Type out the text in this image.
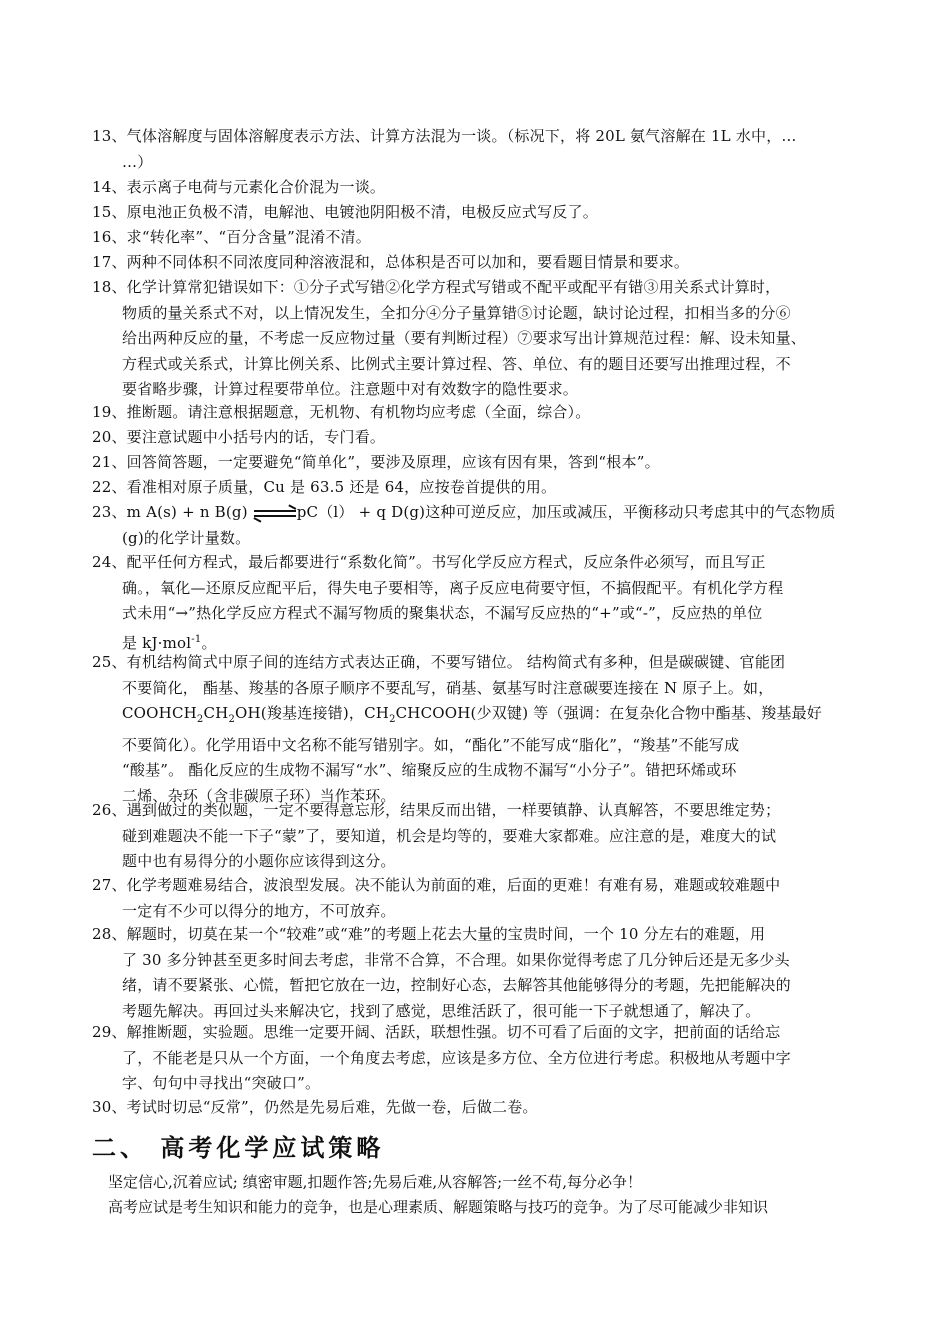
13、气体溶解度与固体溶解度表示方法、计算方法混为一谈。（标况下，将 20L 氨气溶解在 1L 水中，…
…）
14、表示离子电荷与元素化合价混为一谈。
15、原电池正负极不清，电解池、电镀池阴阳极不清，电极反应式写反了。
16、求“转化率”、“百分含量”混淆不清。
17、两种不同体积不同浓度同种溶液混和，总体积是否可以加和，要看题目情景和要求。
18、化学计算常犯错误如下：①分子式写错②化学方程式写错或不配平或配平有错③用关系式计算时，
物质的量关系式不对，以上情况发生，全扣分④分子量算错⑤讨论题，缺讨论过程，扣相当多的分⑥
给出两种反应的量，不考虑一反应物过量（要有判断过程）⑦要求写出计算规范过程：解、设未知量、
方程式或关系式，计算比例关系、比例式主要计算过程、答、单位、有的题目还要写出推理过程，不
要省略步骤，计算过程要带单位。注意题中对有效数字的隐性要求。
19、推断题。请注意根据题意，无机物、有机物均应考虑（全面，综合）。
20、要注意试题中小括号内的话，专门看。
21、回答简答题，一定要避免“简单化”，要涉及原理，应该有因有果，答到“根本”。
22、看准相对原子质量，Cu 是 63.5 还是 64，应按卷首提供的用。
23、m A(s) + n B(g)	pC（l） + q D(g)这种可逆反应，加压或减压，平衡移动只考虑其中的气态物质
(g)的化学计量数。
24、配平任何方程式，最后都要进行“系数化简”。书写化学反应方程式，反应条件必须写，而且写正
确。，氧化—还原反应配平后，得失电子要相等，离子反应电荷要守恒，不搞假配平。有机化学方程
式未用“→”热化学反应方程式不漏写物质的聚集状态，不漏写反应热的“+”或“-”，反应热的单位
是 kJ·mol$^{-1}$。
25、有机结构简式中原子间的连结方式表达正确，不要写错位。 结构简式有多种，但是碳碳键、官能团
不要简化， 酯基、羧基的各原子顺序不要乱写，硝基、氨基写时注意碳要连接在 N 原子上。如，
$COOHCH_2CH_2OH$(羧基连接错)，$CH_2CHCOOH$(少双键) 等（强调：在复杂化合物中酯基、羧基最好
不要简化）。化学用语中文名称不能写错别字。如，“酯化”不能写成“脂化”，“羧基”不能写成
“酸基”。 酯化反应的生成物不漏写“水”、缩聚反应的生成物不漏写“小分子”。错把环烯或环
二烯、杂环（含非碳原子环）当作苯环。
26、遇到做过的类似题，一定不要得意忘形，结果反而出错，一样要镇静、认真解答，不要思维定势；
碰到难题决不能一下子“蒙”了，要知道，机会是均等的，要难大家都难。应注意的是，难度大的试
题中也有易得分的小题你应该得到这分。
27、化学考题难易结合，波浪型发展。决不能认为前面的难，后面的更难！有难有易，难题或较难题中
一定有不少可以得分的地方，不可放弃。
28、解题时，切莫在某一个“较难”或“难”的考题上花去大量的宝贵时间，一个 10 分左右的难题，用
了 30 多分钟甚至更多时间去考虑，非常不合算，不合理。如果你觉得考虑了几分钟后还是无多少头
绪，请不要紧张、心慌，暂把它放在一边，控制好心态，去解答其他能够得分的考题，先把能解决的
考题先解决。再回过头来解决它，找到了感觉，思维活跃了，很可能一下子就想通了，解决了。
29、解推断题，实验题。思维一定要开阔、活跃，联想性强。切不可看了后面的文字，把前面的话给忘
了，不能老是只从一个方面，一个角度去考虑，应该是多方位、全方位进行考虑。积极地从考题中字
字、句句中寻找出“突破口”。
30、考试时切忌“反常”，仍然是先易后难，先做一卷，后做二卷。
二、 高考化学应试策略
坚定信心,沉着应试; 缜密审题,扣题作答;先易后难,从容解答;一丝不苟,每分必争！
高考应试是考生知识和能力的竞争，也是心理素质、解题策略与技巧的竞争。为了尽可能减少非知识
